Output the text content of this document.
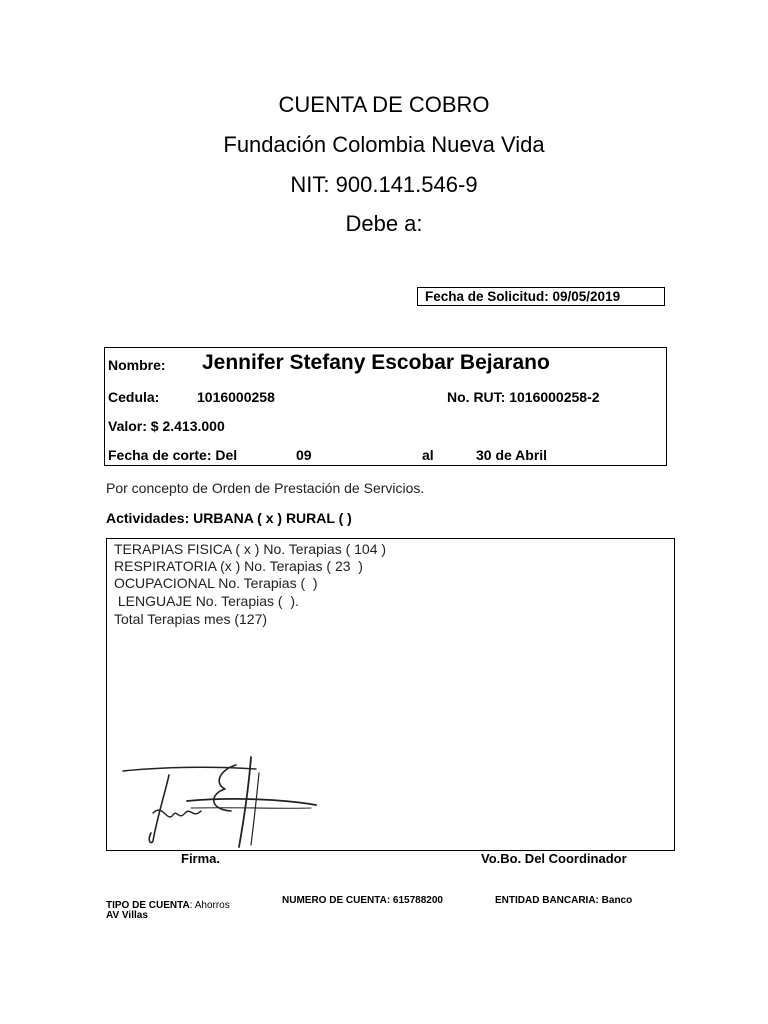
CUENTA DE COBRO
Fundación Colombia Nueva Vida
NIT: 900.141.546-9
Debe a:
Fecha de Solicitud: 09/05/2019
Nombre: Jennifer Stefany Escobar Bejarano
Cedula:	1016000258	No. RUT: 1016000258-2
Valor: $ 2.413.000
Fecha de corte: Del	09	al	30 de Abril
Por concepto de Orden de Prestación de Servicios.
Actividades: URBANA ( x ) RURAL ( )
TERAPIAS FISICA ( x ) No. Terapias ( 104 )
RESPIRATORIA (x ) No. Terapias ( 23  )
OCUPACIONAL No. Terapias (  )
LENGUAJE No. Terapias (  ).
Total Terapias mes (127)
Firma.	Vo.Bo. Del Coordinador
TIPO DE CUENTA: Ahorros	NUMERO DE CUENTA: 615788200	ENTIDAD BANCARIA: Banco
AV Villas
